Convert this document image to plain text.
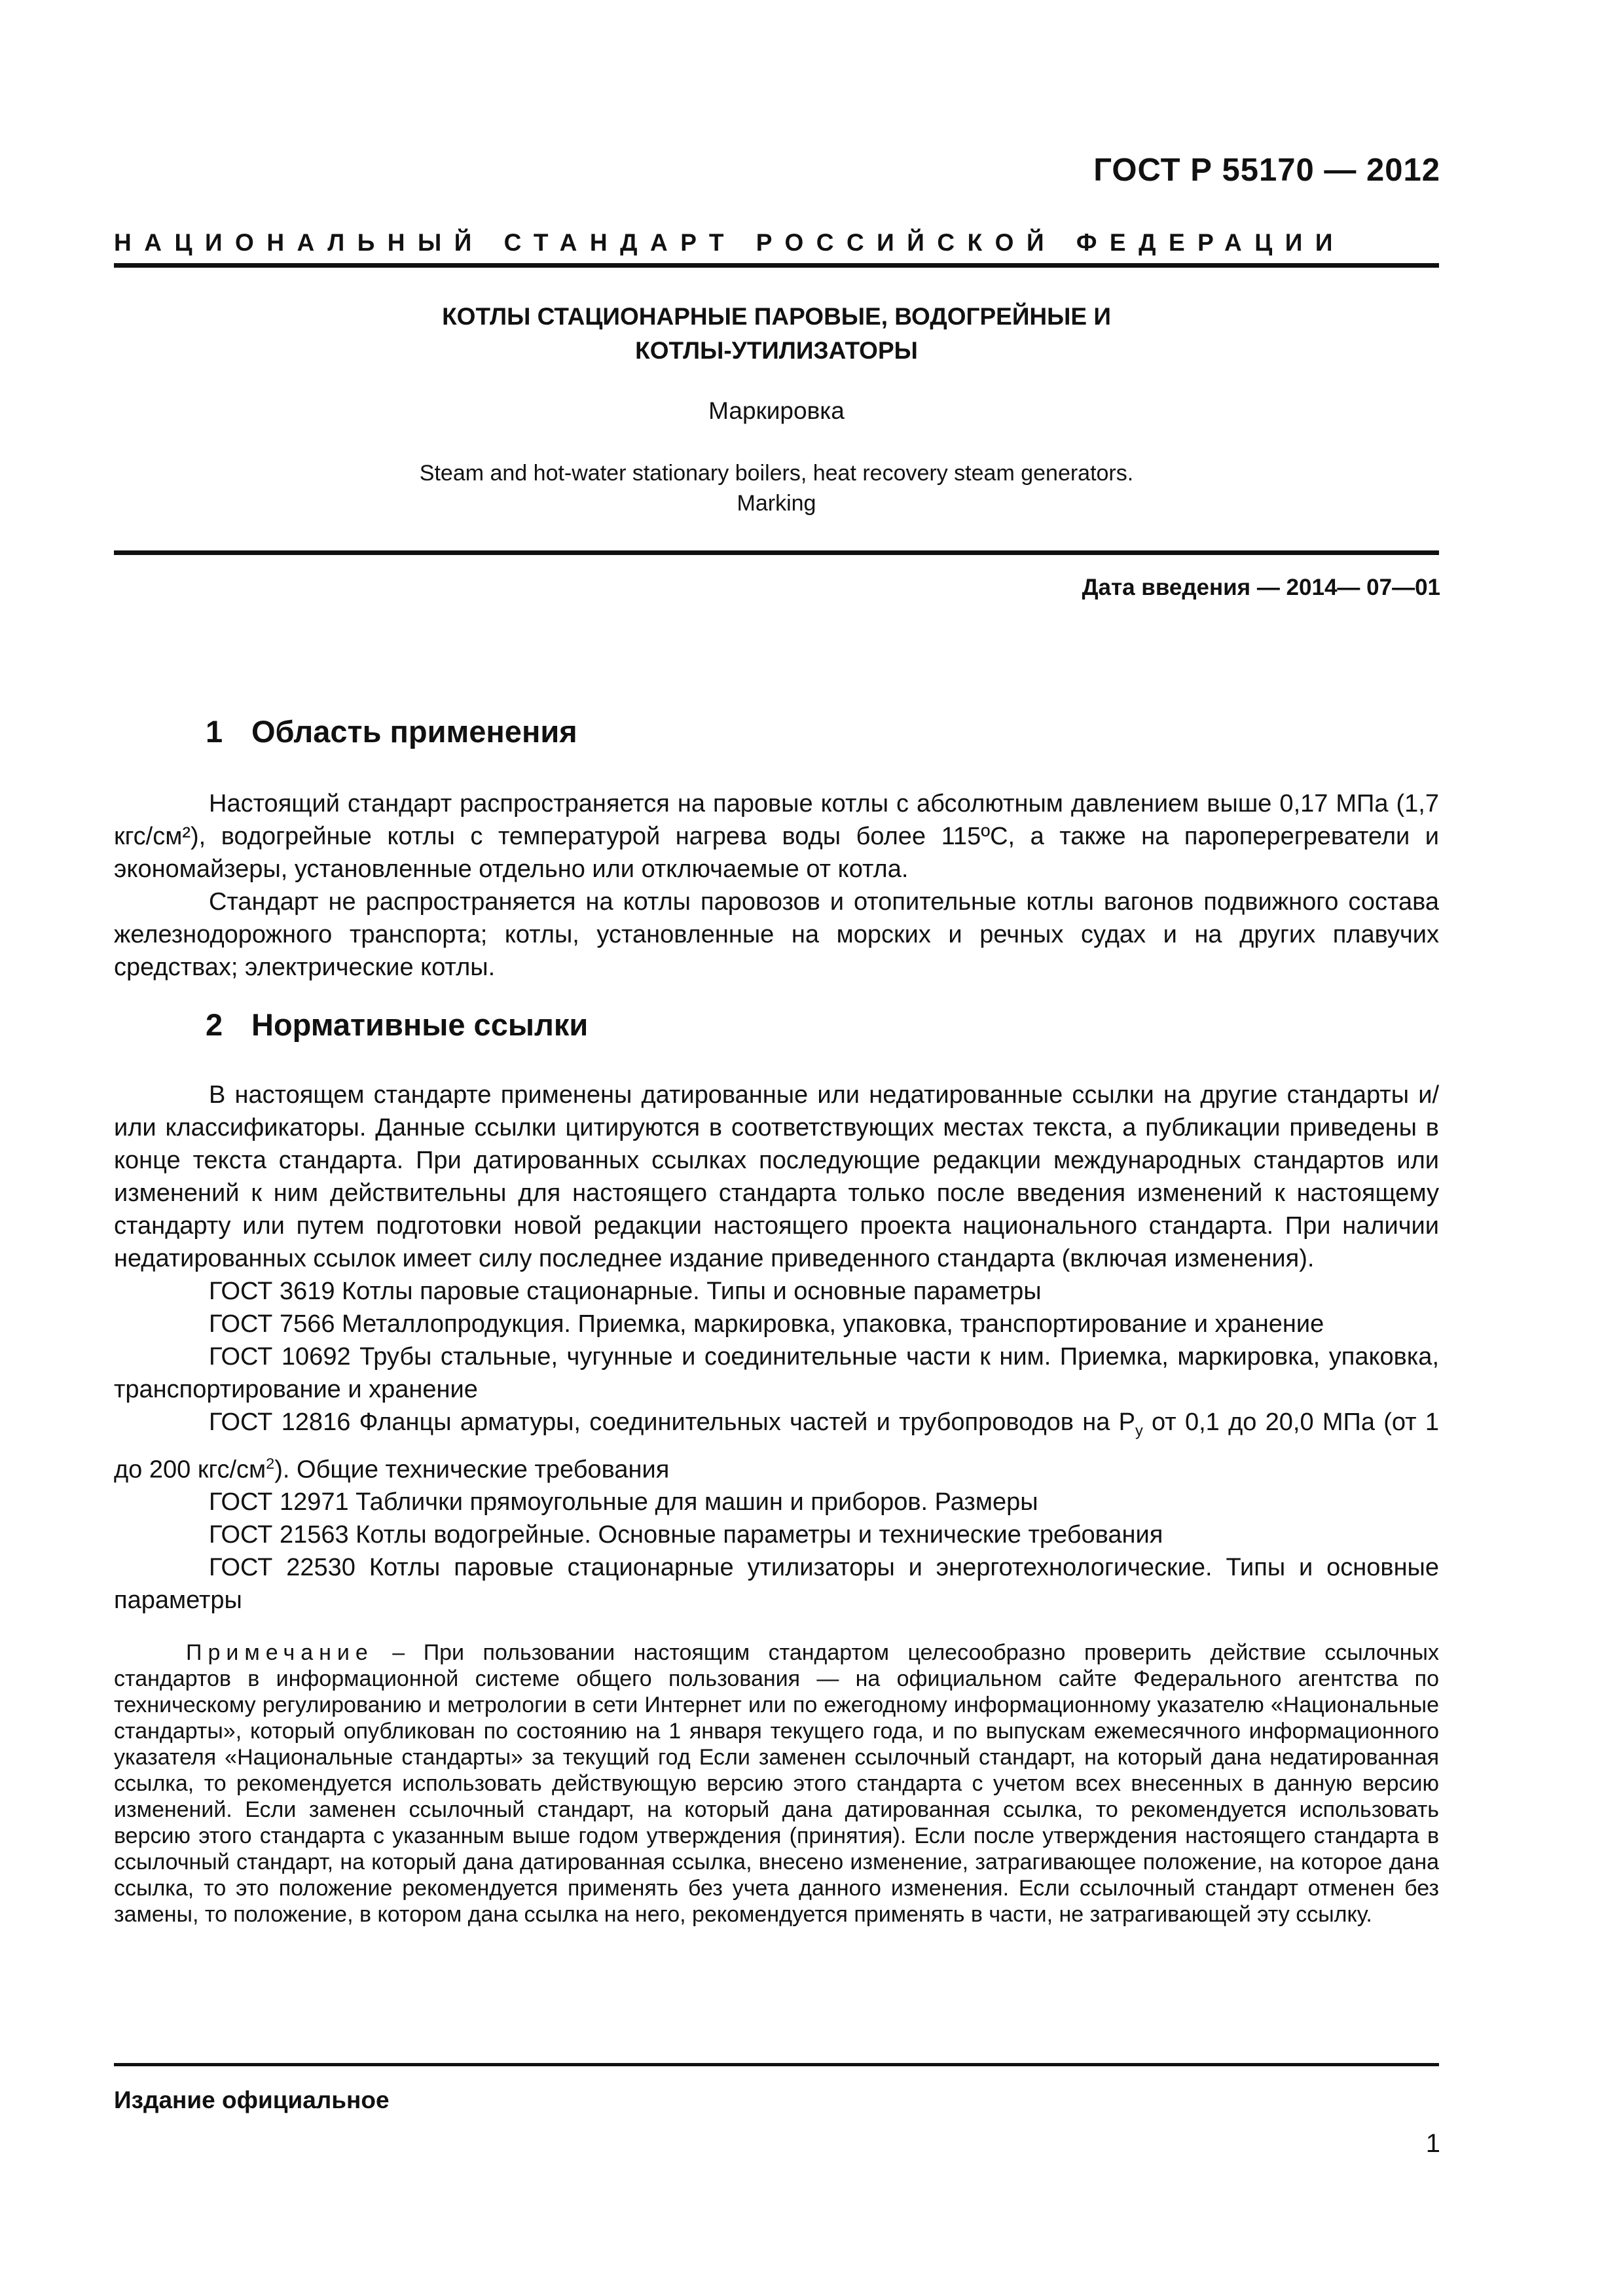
ГОСТ Р 55170 — 2012
НАЦИОНАЛЬНЫЙ СТАНДАРТ РОССИЙСКОЙ ФЕДЕРАЦИИ
КОТЛЫ СТАЦИОНАРНЫЕ ПАРОВЫЕ, ВОДОГРЕЙНЫЕ И
КОТЛЫ-УТИЛИЗАТОРЫ
Маркировка
Steam and hot-water stationary boilers, heat recovery steam generators.
Marking
Дата введения — 2014— 07—01
1 Область применения

Настоящий стандарт распространяется на паровые котлы с абсолютным давлением выше 0,17 МПа (1,7 кгс/см²), водогрейные котлы с температурой нагрева воды более 115ºС, а также на пароперегреватели и экономайзеры, установленные отдельно или отключаемые от котла.

Стандарт не распространяется на котлы паровозов и отопительные котлы вагонов подвижного состава железнодорожного транспорта; котлы, установленные на морских и речных судах и на других плавучих средствах; электрические котлы.

2 Нормативные ссылки

В настоящем стандарте применены датированные или недатированные ссылки на другие стандарты и/или классификаторы. Данные ссылки цитируются в соответствующих местах текста, а публикации приведены в конце текста стандарта. При датированных ссылках последующие редакции международных стандартов или изменений к ним действительны для настоящего стандарта только после введения изменений к настоящему стандарту или путем подготовки новой редакции настоящего проекта национального стандарта. При наличии недатированных ссылок имеет силу последнее издание приведенного стандарта (включая изменения).

ГОСТ 3619 Котлы паровые стационарные. Типы и основные параметры

ГОСТ 7566 Металлопродукция. Приемка, маркировка, упаковка, транспортирование и хранение

ГОСТ 10692 Трубы стальные, чугунные и соединительные части к ним. Приемка, маркировка, упаковка, транспортирование и хранение

ГОСТ 12816 Фланцы арматуры, соединительных частей и трубопроводов на $P_у$ от 0,1 до 20,0 МПа (от 1 до 200 кгс/$см^2$). Общие технические требования

ГОСТ 12971 Таблички прямоугольные для машин и приборов. Размеры

ГОСТ 21563 Котлы водогрейные. Основные параметры и технические требования

ГОСТ 22530 Котлы паровые стационарные утилизаторы и энерготехнологические. Типы и основные параметры

Примечание – При пользовании настоящим стандартом целесообразно проверить действие ссылочных стандартов в информационной системе общего пользования — на официальном сайте Федерального агентства по техническому регулированию и метрологии в сети Интернет или по ежегодному информационному указателю «Национальные стандарты», который опубликован по состоянию на 1 января текущего года, и по выпускам ежемесячного информационного указателя «Национальные стандарты» за текущий год Если заменен ссылочный стандарт, на который дана недатированная ссылка, то рекомендуется использовать действующую версию этого стандарта с учетом всех внесенных в данную версию изменений. Если заменен ссылочный стандарт, на который дана датированная ссылка, то рекомендуется использовать версию этого стандарта с указанным выше годом утверждения (принятия). Если после утверждения настоящего стандарта в ссылочный стандарт, на который дана датированная ссылка, внесено изменение, затрагивающее положение, на которое дана ссылка, то это положение рекомендуется применять без учета данного изменения. Если ссылочный стандарт отменен без замены, то положение, в котором дана ссылка на него, рекомендуется применять в части, не затрагивающей эту ссылку.

Издание официальное
1
